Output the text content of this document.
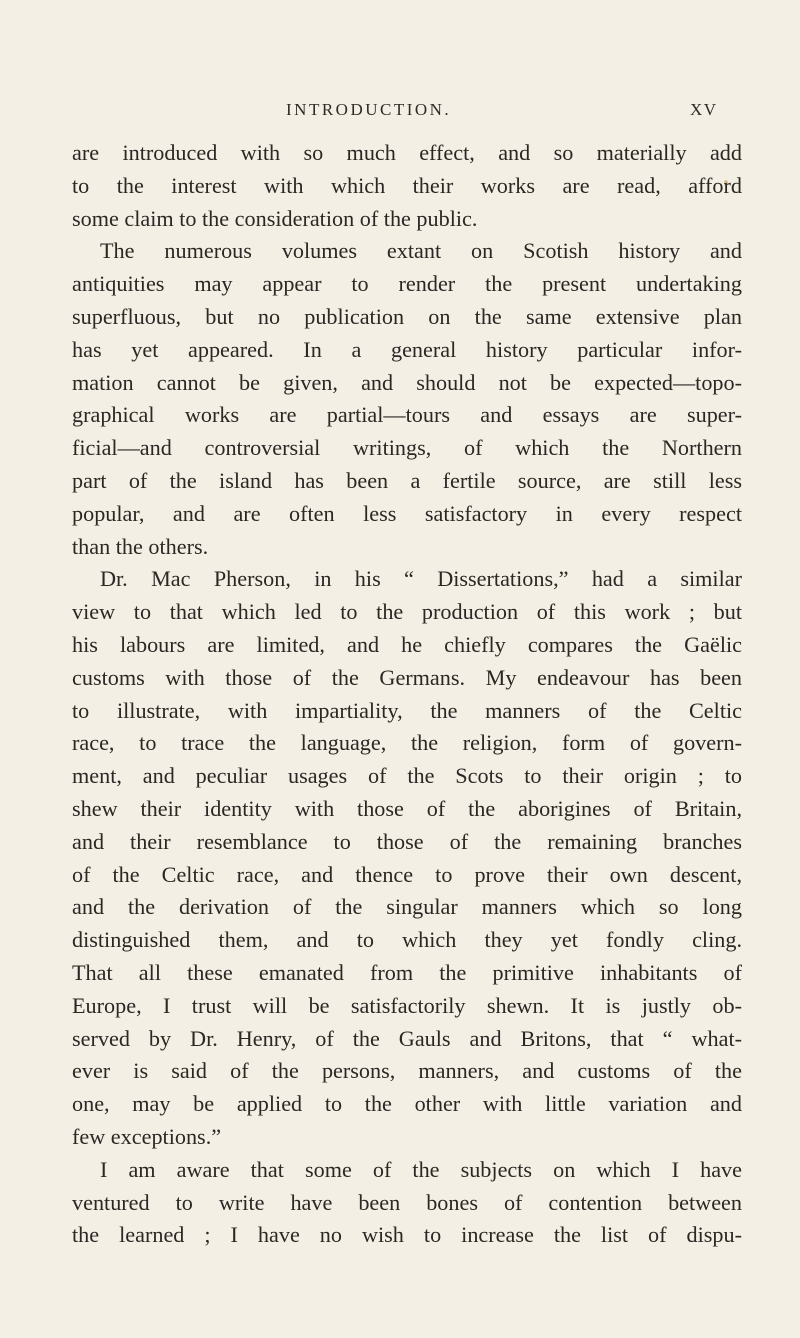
INTRODUCTION.	XV
are introduced with so much effect, and so materially add
to the interest with which their works are read, afford
some claim to the consideration of the public.
The numerous volumes extant on Scotish history and
antiquities may appear to render the present undertaking
superfluous, but no publication on the same extensive plan
has yet appeared. In a general history particular infor-
mation cannot be given, and should not be expected—topo-
graphical works are partial—tours and essays are super-
ficial—and controversial writings, of which the Northern
part of the island has been a fertile source, are still less
popular, and are often less satisfactory in every respect
than the others.
Dr. Mac Pherson, in his “ Dissertations,” had a similar
view to that which led to the production of this work ; but
his labours are limited, and he chiefly compares the Gaëlic
customs with those of the Germans. My endeavour has been
to illustrate, with impartiality, the manners of the Celtic
race, to trace the language, the religion, form of govern-
ment, and peculiar usages of the Scots to their origin ; to
shew their identity with those of the aborigines of Britain,
and their resemblance to those of the remaining branches
of the Celtic race, and thence to prove their own descent,
and the derivation of the singular manners which so long
distinguished them, and to which they yet fondly cling.
That all these emanated from the primitive inhabitants of
Europe, I trust will be satisfactorily shewn. It is justly ob-
served by Dr. Henry, of the Gauls and Britons, that “ what-
ever is said of the persons, manners, and customs of the
one, may be applied to the other with little variation and
few exceptions.”
I am aware that some of the subjects on which I have
ventured to write have been bones of contention between
the learned ; I have no wish to increase the list of dispu-
